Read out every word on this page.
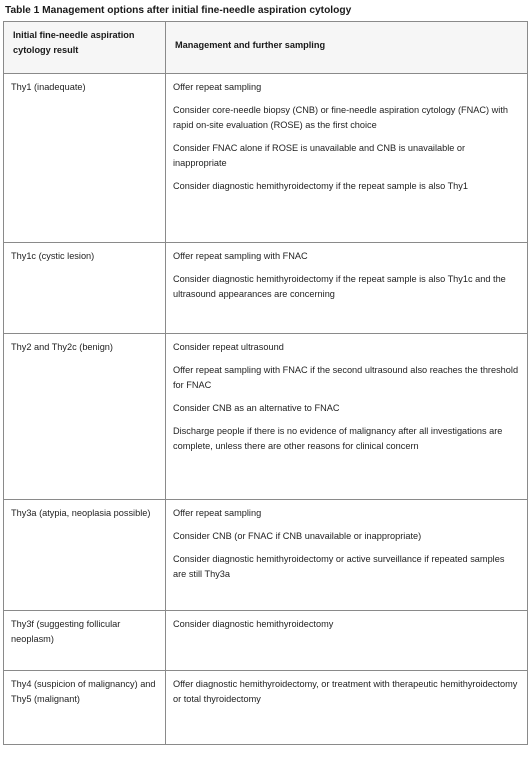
Table 1 Management options after initial fine-needle aspiration cytology
Initial fine-needle aspiration cytology result	Management and further sampling
Thy1 (inadequate)	Offer repeat sampling
Consider core-needle biopsy (CNB) or fine-needle aspiration cytology (FNAC) with rapid on-site evaluation (ROSE) as the first choice
Consider FNAC alone if ROSE is unavailable and CNB is unavailable or inappropriate
Consider diagnostic hemithyroidectomy if the repeat sample is also Thy1

Thy1c (cystic lesion)	Offer repeat sampling with FNAC
Consider diagnostic hemithyroidectomy if the repeat sample is also Thy1c and the ultrasound appearances are concerning

Thy2 and Thy2c (benign)	Consider repeat ultrasound
Offer repeat sampling with FNAC if the second ultrasound also reaches the threshold for FNAC
Consider CNB as an alternative to FNAC
Discharge people if there is no evidence of malignancy after all investigations are complete, unless there are other reasons for clinical concern

Thy3a (atypia, neoplasia possible)	Offer repeat sampling
Consider CNB (or FNAC if CNB unavailable or inappropriate)
Consider diagnostic hemithyroidectomy or active surveillance if repeated samples are still Thy3a

Thy3f (suggesting follicular neoplasm)	Consider diagnostic hemithyroidectomy

Thy4 (suspicion of malignancy) and Thy5 (malignant)	Offer diagnostic hemithyroidectomy, or treatment with therapeutic hemithyroidectomy or total thyroidectomy
